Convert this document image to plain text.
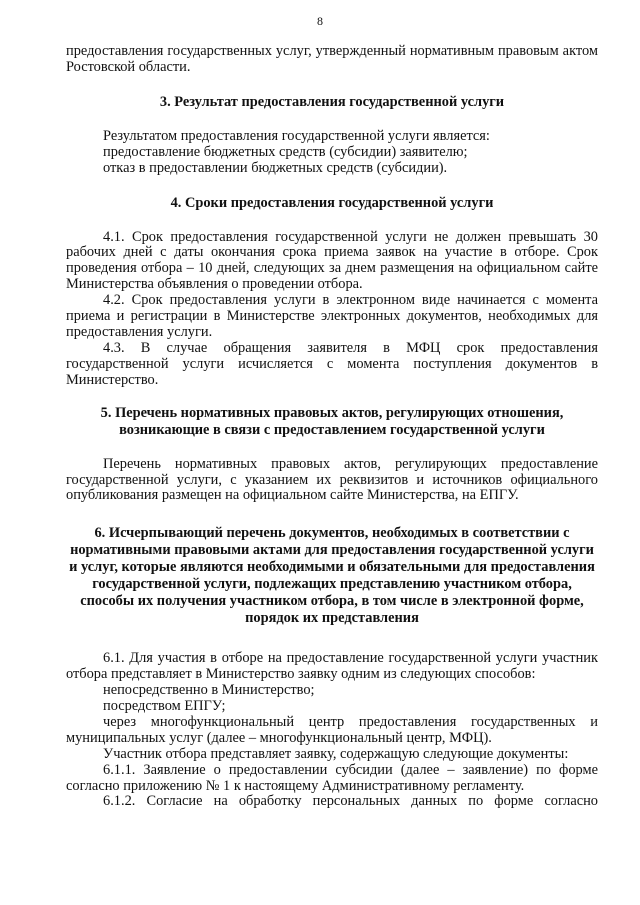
8

предоставления государственных услуг, утвержденный нормативным правовым актом Ростовской области.

3. Результат предоставления государственной услуги

Результатом предоставления государственной услуги является:

предоставление бюджетных средств (субсидии) заявителю;

отказ в предоставлении бюджетных средств (субсидии).

4. Сроки предоставления государственной услуги

4.1. Срок предоставления государственной услуги не должен превышать 30 рабочих дней с даты окончания срока приема заявок на участие в отборе. Срок проведения отбора – 10 дней, следующих за днем размещения на официальном сайте Министерства объявления о проведении отбора.

4.2. Срок предоставления услуги в электронном виде начинается с момента приема и регистрации в Министерстве электронных документов, необходимых для предоставления услуги.

4.3. В случае обращения заявителя в МФЦ срок предоставления государственной услуги исчисляется с момента поступления документов в Министерство.

5. Перечень нормативных правовых актов, регулирующих отношения, возникающие в связи с предоставлением государственной услуги

Перечень нормативных правовых актов, регулирующих предоставление государственной услуги, с указанием их реквизитов и источников официального опубликования размещен на официальном сайте Министерства, на ЕПГУ.

6. Исчерпывающий перечень документов, необходимых в соответствии с нормативными правовыми актами для предоставления государственной услуги и услуг, которые являются необходимыми и обязательными для предоставления государственной услуги, подлежащих представлению участником отбора, способы их получения участником отбора, в том числе в электронной форме, порядок их представления

6.1. Для участия в отборе на предоставление государственной услуги участник отбора представляет в Министерство заявку одним из следующих способов:

непосредственно в Министерство;

посредством ЕПГУ;

через многофункциональный центр предоставления государственных и муниципальных услуг (далее – многофункциональный центр, МФЦ).

Участник отбора представляет заявку, содержащую следующие документы:

6.1.1. Заявление о предоставлении субсидии (далее – заявление) по форме согласно приложению № 1 к настоящему Административному регламенту.

6.1.2. Согласие на обработку персональных данных по форме согласно
